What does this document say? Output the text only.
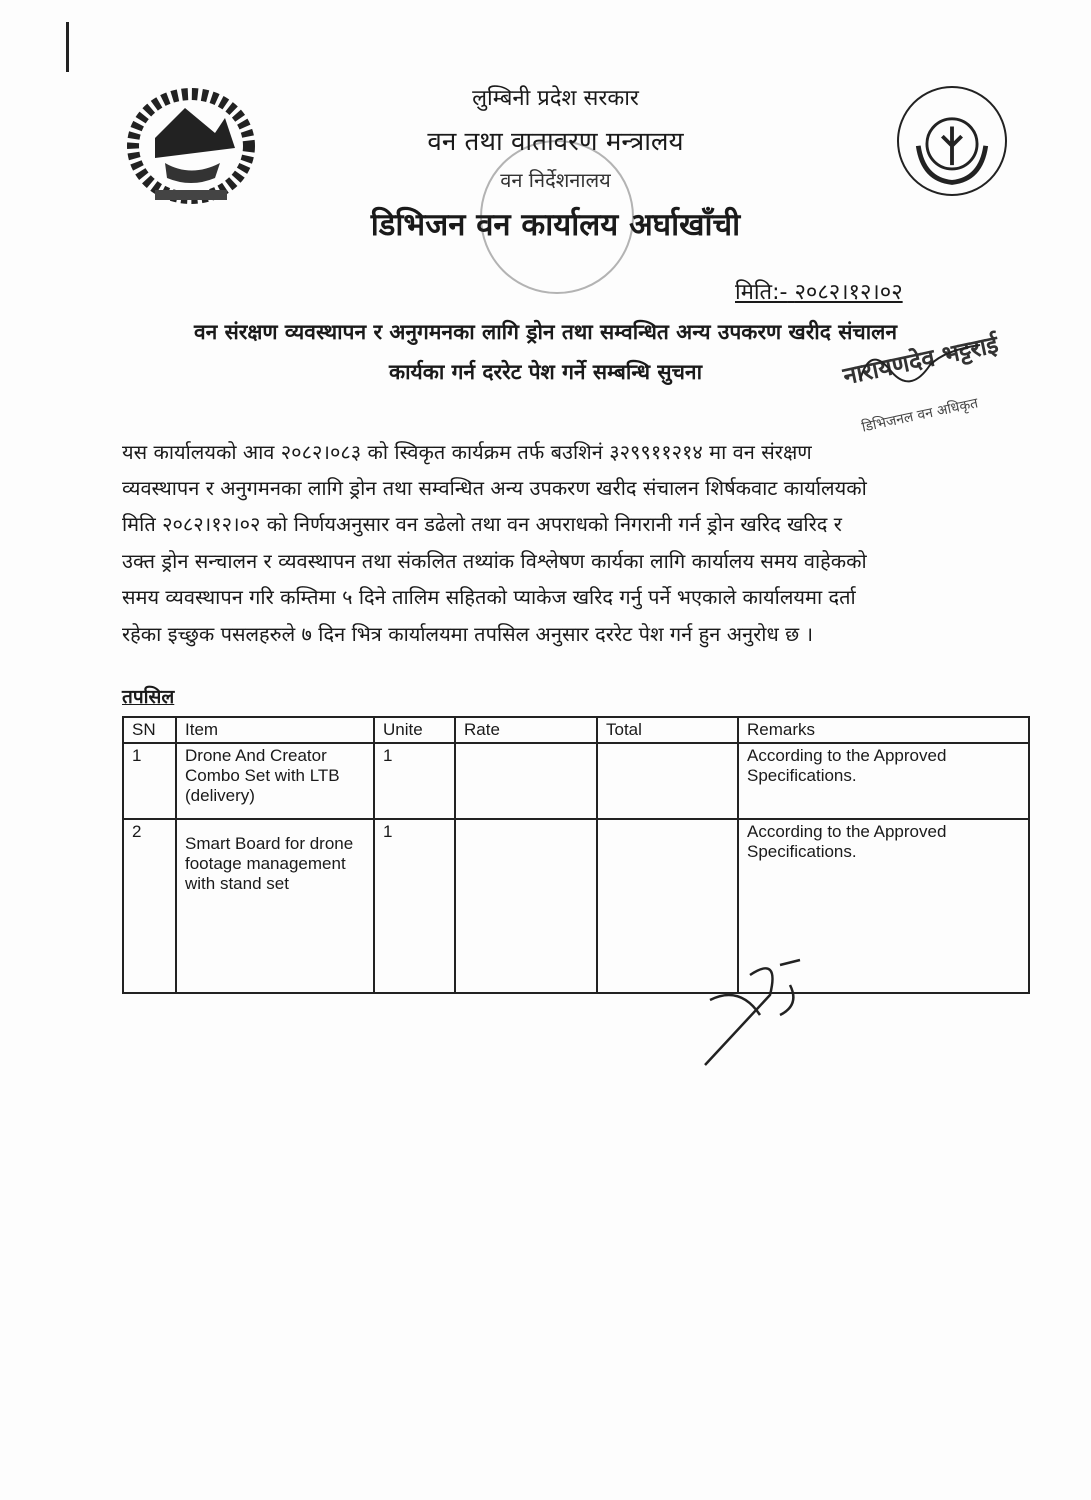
लुम्बिनी प्रदेश सरकार
वन तथा वातावरण मन्त्रालय
वन निर्देशनालय
डिभिजन वन कार्यालय अर्घाखाँची
मिति:- २०८२।१२।०२
वन संरक्षण व्यवस्थापन र अनुगमनका लागि ड्रोन तथा सम्वन्धित अन्य उपकरण खरीद संचालन
कार्यका गर्न दररेट पेश गर्ने सम्बन्धि सुचना	नारायणदेव भट्टराई
डिभिजनल वन अधिकृत
यस कार्यालयको आव २०८२।०८३ को स्विकृत कार्यक्रम तर्फ बउशिनं ३२९९११२१४ मा वन संरक्षण
व्यवस्थापन र अनुगमनका लागि ड्रोन तथा सम्वन्धित अन्य उपकरण खरीद संचालन शिर्षकवाट कार्यालयको
मिति २०८२।१२।०२ को निर्णयअनुसार वन डढेलो तथा वन अपराधको निगरानी गर्न ड्रोन खरिद खरिद र
उक्त ड्रोन सन्चालन र व्यवस्थापन तथा संकलित तथ्यांक विश्लेषण कार्यका लागि कार्यालय समय वाहेकको
समय व्यवस्थापन गरि कम्तिमा ५ दिने तालिम सहितको प्याकेज खरिद गर्नु पर्ने भएकाले कार्यालयमा दर्ता
रहेका इच्छुक पसलहरुले ७ दिन भित्र कार्यालयमा तपसिल अनुसार दररेट पेश गर्न हुन अनुरोध छ ।
तपसिल
SN	Item	Unite	Rate	Total	Remarks
1	Drone And Creator Combo Set with LTB (delivery)	1			According to the Approved Specifications.
2	Smart Board for drone footage management with stand set	1			According to the Approved Specifications.
